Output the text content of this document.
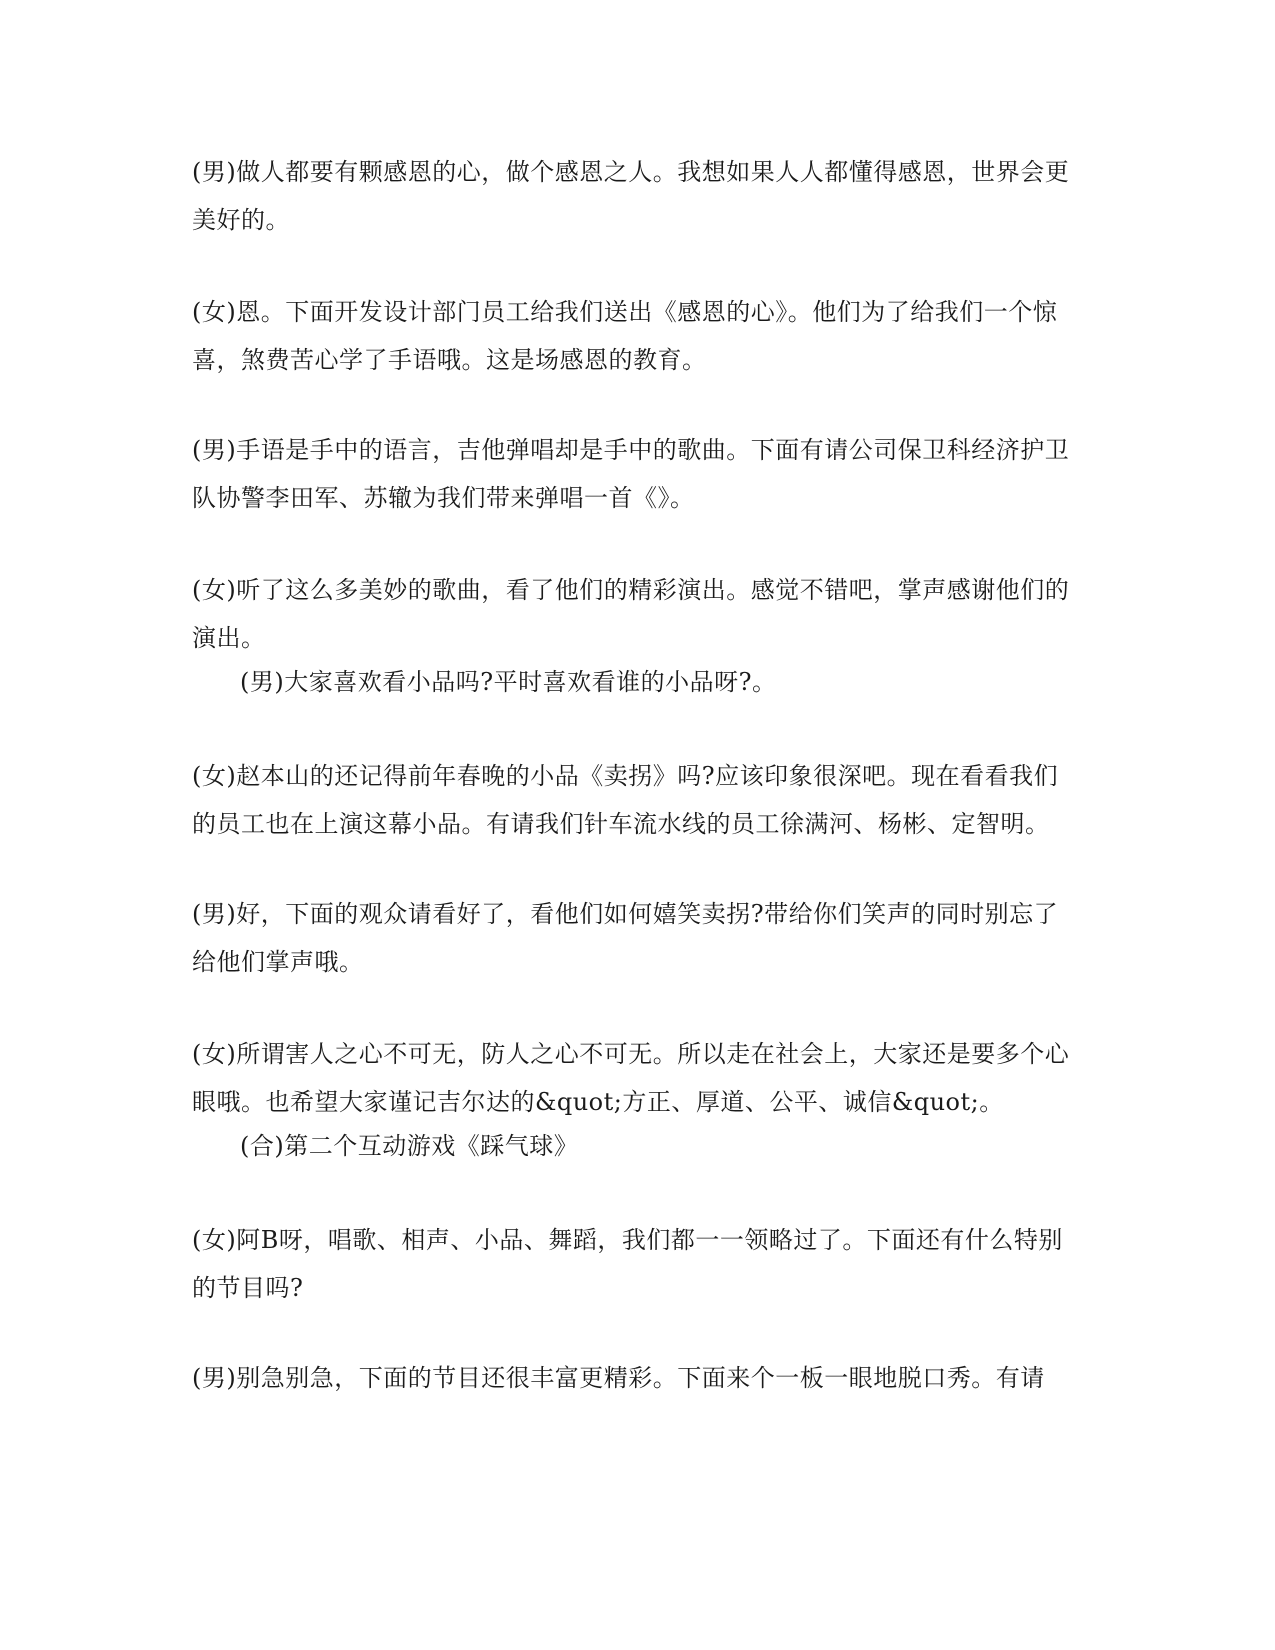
(男)做人都要有颗感恩的心，做个感恩之人。我想如果人人都懂得感恩，世界会更美好的。

(女)恩。下面开发设计部门员工给我们送出《感恩的心》。他们为了给我们一个惊喜，煞费苦心学了手语哦。这是场感恩的教育。

(男)手语是手中的语言，吉他弹唱却是手中的歌曲。下面有请公司保卫科经济护卫队协警李田军、苏辙为我们带来弹唱一首《》。

(女)听了这么多美妙的歌曲，看了他们的精彩演出。感觉不错吧，掌声感谢他们的演出。

(男)大家喜欢看小品吗?平时喜欢看谁的小品呀?。

(女)赵本山的还记得前年春晚的小品《卖拐》吗?应该印象很深吧。现在看看我们的员工也在上演这幕小品。有请我们针车流水线的员工徐满河、杨彬、定智明。

(男)好，下面的观众请看好了，看他们如何嬉笑卖拐?带给你们笑声的同时别忘了给他们掌声哦。

(女)所谓害人之心不可无，防人之心不可无。所以走在社会上，大家还是要多个心眼哦。也希望大家谨记吉尔达的&quot;方正、厚道、公平、诚信&quot;。

(合)第二个互动游戏《踩气球》

(女)阿B呀，唱歌、相声、小品、舞蹈，我们都一一领略过了。下面还有什么特别的节目吗?

(男)别急别急，下面的节目还很丰富更精彩。下面来个一板一眼地脱口秀。有请
